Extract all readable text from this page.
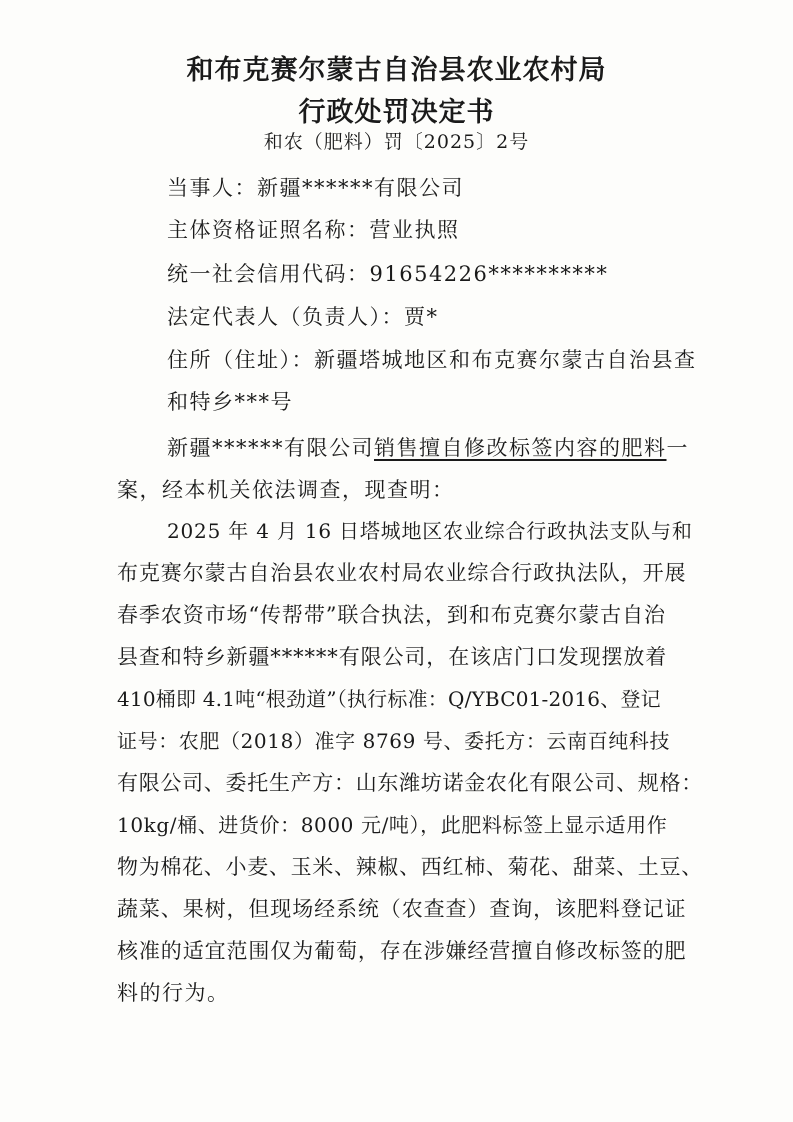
和布克赛尔蒙古自治县农业农村局
行政处罚决定书
和农（肥料）罚〔2025〕2号
当事人：新疆******有限公司
主体资格证照名称：营业执照
统一社会信用代码：91654226**********
法定代表人（负责人）：贾*
住所（住址）：新疆塔城地区和布克赛尔蒙古自治县查
和特乡***号
新疆******有限公司销售擅自修改标签内容的肥料一
案，经本机关依法调查，现查明：
2025 年 4 月 16 日塔城地区农业综合行政执法支队与和
布克赛尔蒙古自治县农业农村局农业综合行政执法队，开展
春季农资市场“传帮带”联合执法，到和布克赛尔蒙古自治
县查和特乡新疆******有限公司，在该店门口发现摆放着
410桶即 4.1吨“根劲道”（执行标准：Q/YBC01-2016、登记
证号：农肥（2018）准字 8769 号、委托方：云南百纯科技
有限公司、委托生产方：山东潍坊诺金农化有限公司、规格：
10kg/桶、进货价：8000 元/吨），此肥料标签上显示适用作
物为棉花、小麦、玉米、辣椒、西红柿、菊花、甜菜、土豆、
蔬菜、果树，但现场经系统（农查查）查询，该肥料登记证
核准的适宜范围仅为葡萄，存在涉嫌经营擅自修改标签的肥
料的行为。
